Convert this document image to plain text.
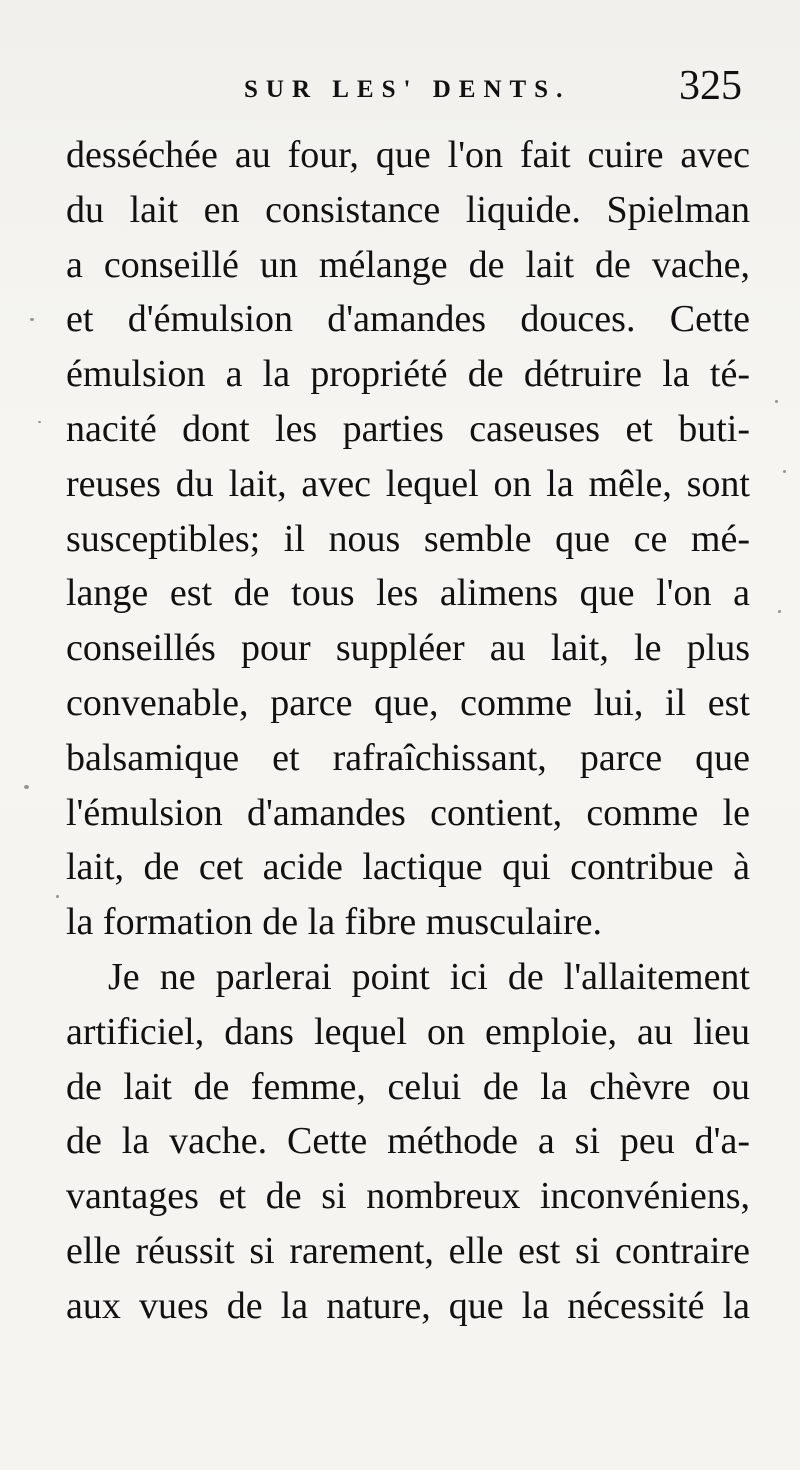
SUR LES' DENTS.	325
desséchée au four, que l'on fait cuire avec
du lait en consistance liquide. Spielman
a conseillé un mélange de lait de vache,
et d'émulsion d'amandes douces. Cette
émulsion a la propriété de détruire la té-
nacité dont les parties caseuses et buti-
reuses du lait, avec lequel on la mêle, sont
susceptibles; il nous semble que ce mé-
lange est de tous les alimens que l'on a
conseillés pour suppléer au lait, le plus
convenable, parce que, comme lui, il est
balsamique et rafraîchissant, parce que
l'émulsion d'amandes contient, comme le
lait, de cet acide lactique qui contribue à
la formation de la fibre musculaire.
Je ne parlerai point ici de l'allaitement
artificiel, dans lequel on emploie, au lieu
de lait de femme, celui de la chèvre ou
de la vache. Cette méthode a si peu d'a-
vantages et de si nombreux inconvéniens,
elle réussit si rarement, elle est si contraire
aux vues de la nature, que la nécessité la
